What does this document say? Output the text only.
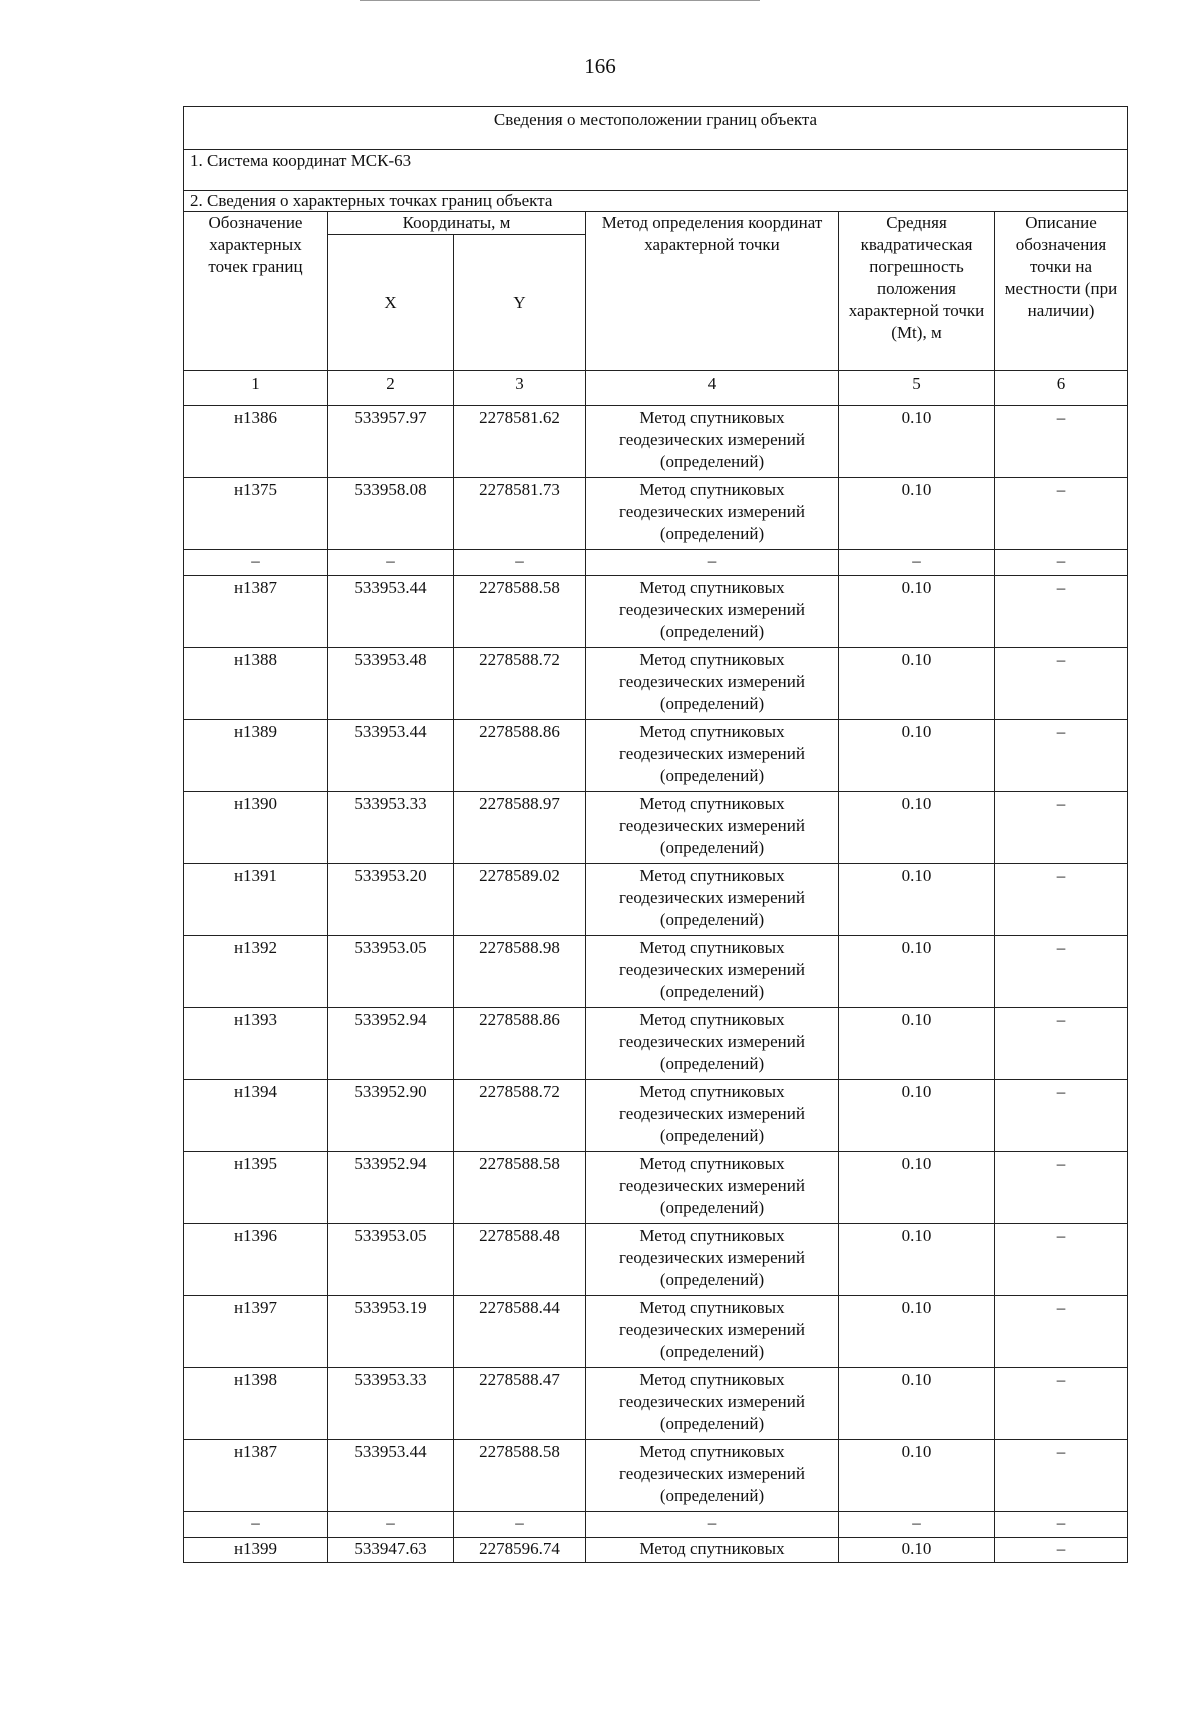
166
Сведения о местоположении границ объекта					
1. Система координат МСК-63					
2. Сведения о характерных точках границ объекта					
Обозначение характерных точек границ	Координаты, м		Метод определения координат характерной точки	Средняя квадратическая погрешность положения характерной точки (Mt), м	Описание обозначения точки на местности (при наличии)
	X	Y			
1	2	3	4	5	6
н1386	533957.97	2278581.62	Метод спутниковых геодезических измерений (определений)	0.10	–
н1375	533958.08	2278581.73	Метод спутниковых геодезических измерений (определений)	0.10	–
–	–	–	–	–	–
н1387	533953.44	2278588.58	Метод спутниковых геодезических измерений (определений)	0.10	–
н1388	533953.48	2278588.72	Метод спутниковых геодезических измерений (определений)	0.10	–
н1389	533953.44	2278588.86	Метод спутниковых геодезических измерений (определений)	0.10	–
н1390	533953.33	2278588.97	Метод спутниковых геодезических измерений (определений)	0.10	–
н1391	533953.20	2278589.02	Метод спутниковых геодезических измерений (определений)	0.10	–
н1392	533953.05	2278588.98	Метод спутниковых геодезических измерений (определений)	0.10	–
н1393	533952.94	2278588.86	Метод спутниковых геодезических измерений (определений)	0.10	–
н1394	533952.90	2278588.72	Метод спутниковых геодезических измерений (определений)	0.10	–
н1395	533952.94	2278588.58	Метод спутниковых геодезических измерений (определений)	0.10	–
н1396	533953.05	2278588.48	Метод спутниковых геодезических измерений (определений)	0.10	–
н1397	533953.19	2278588.44	Метод спутниковых геодезических измерений (определений)	0.10	–
н1398	533953.33	2278588.47	Метод спутниковых геодезических измерений (определений)	0.10	–
н1387	533953.44	2278588.58	Метод спутниковых геодезических измерений (определений)	0.10	–
–	–	–	–	–	–
н1399	533947.63	2278596.74	Метод спутниковых	0.10	–
